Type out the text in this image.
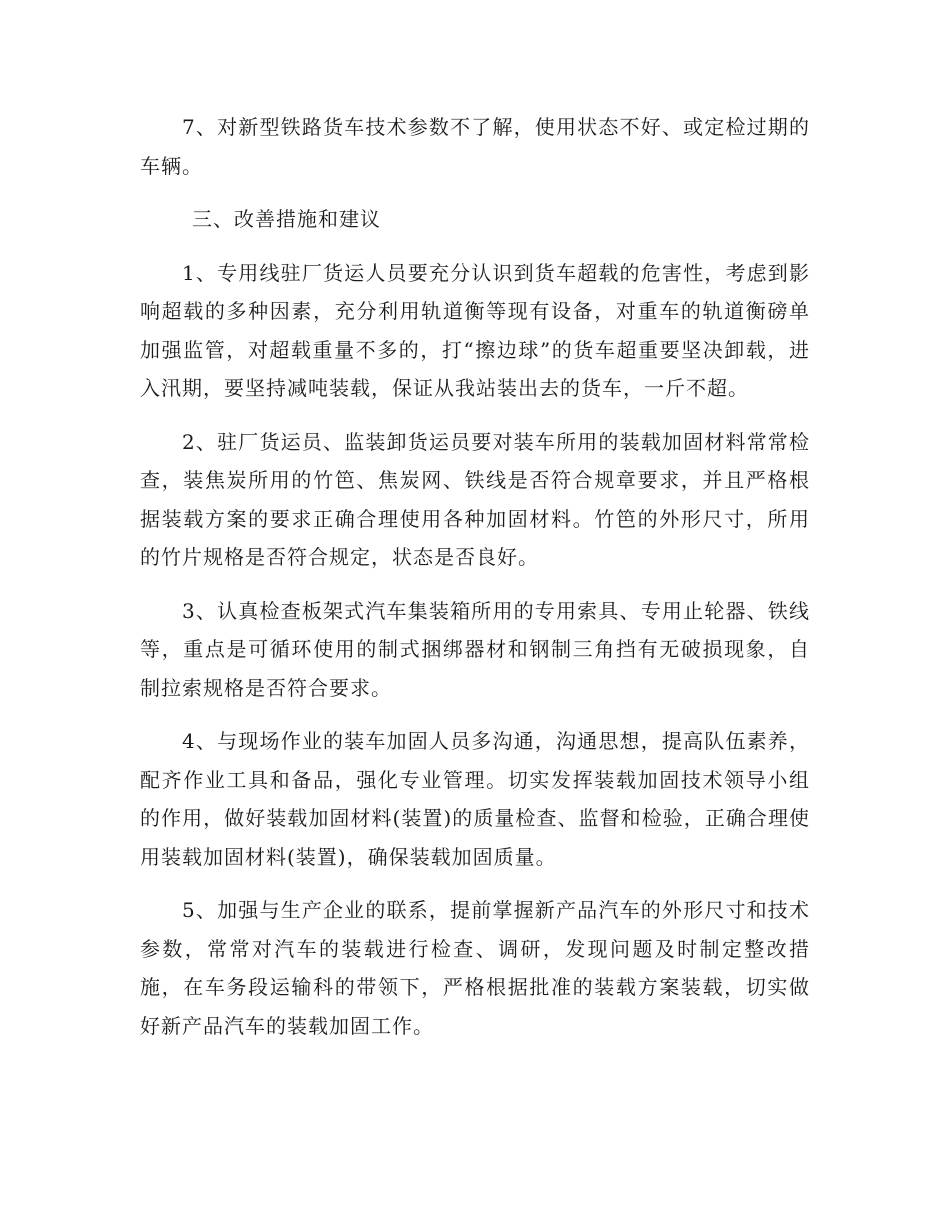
7、对新型铁路货车技术参数不了解，使用状态不好、或定检过期的车辆。

三、改善措施和建议

1、专用线驻厂货运人员要充分认识到货车超载的危害性，考虑到影响超载的多种因素，充分利用轨道衡等现有设备，对重车的轨道衡磅单加强监管，对超载重量不多的，打“擦边球”的货车超重要坚决卸载，进入汛期，要坚持减吨装载，保证从我站装出去的货车，一斤不超。

2、驻厂货运员、监装卸货运员要对装车所用的装载加固材料常常检查，装焦炭所用的竹笆、焦炭网、铁线是否符合规章要求，并且严格根据装载方案的要求正确合理使用各种加固材料。竹笆的外形尺寸，所用的竹片规格是否符合规定，状态是否良好。

3、认真检查板架式汽车集装箱所用的专用索具、专用止轮器、铁线等，重点是可循环使用的制式捆绑器材和钢制三角挡有无破损现象，自制拉索规格是否符合要求。

4、与现场作业的装车加固人员多沟通，沟通思想，提高队伍素养，配齐作业工具和备品，强化专业管理。切实发挥装载加固技术领导小组的作用，做好装载加固材料(装置)的质量检查、监督和检验，正确合理使用装载加固材料(装置)，确保装载加固质量。

5、加强与生产企业的联系，提前掌握新产品汽车的外形尺寸和技术参数，常常对汽车的装载进行检查、调研，发现问题及时制定整改措施，在车务段运输科的带领下，严格根据批准的装载方案装载，切实做好新产品汽车的装载加固工作。
